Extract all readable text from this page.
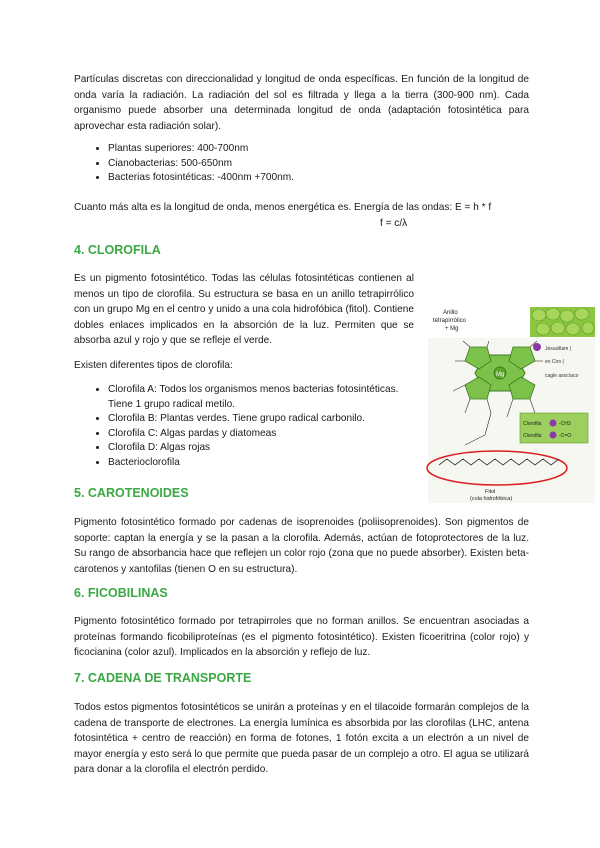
Partículas discretas con direccionalidad y longitud de onda específicas. En función de la longitud de onda varía la radiación. La radiación del sol es filtrada y llega a la tierra (300-900 nm). Cada organismo puede absorber una determinada longitud de onda (adaptación fotosintética para aprovechar esta radiación solar).

• Plantas superiores: 400-700nm
• Cianobacterias: 500-650nm
• Bacterias fotosintéticas: -400nm +700nm.

Cuanto más alta es la longitud de onda, menos energética es. Energía de las ondas: E = h * f

f = c/λ

4. CLOROFILA

Es un pigmento fotosintético. Todas las células fotosintéticas contienen al menos un tipo de clorofila. Su estructura se basa en un anillo tetrapirrólico con un grupo Mg en el centro y unido a una cola hidrofóbica (fitol). Contiene dobles enlaces implicados en la absorción de la luz. Permiten que se absorba azul y rojo y que se refleje el verde.

Existen diferentes tipos de clorofila:

• Clorofila A: Todos los organismos menos bacterias fotosintéticas. Tiene 1 grupo radical metilo.
• Clorofila B: Plantas verdes. Tiene grupo radical carbonilo.
• Clorofila C: Algas pardas y diatomeas
• Clorofila D: Algas rojas
• Bacterioclorofila
Anillo
tetrapirrólico
+ Mg
Mg
Jesusillam (
en Ciro (
cagle asocíaco
Clorofila	-CH3
Clorofila	-C=O
Fitol
(cola hidrofóbica)
5. CAROTENOIDES

Pigmento fotosintético formado por cadenas de isoprenoides (poliisoprenoides). Son pigmentos de soporte: captan la energía y se la pasan a la clorofila. Además, actúan de fotoprotectores de la luz. Su rango de absorbancia hace que reflejen un color rojo (zona que no puede absorber). Existen beta-carotenos y xantofilas (tienen O en su estructura).

6. FICOBILINAS

Pigmento fotosintético formado por tetrapirroles que no forman anillos. Se encuentran asociadas a proteínas formando ficobiliproteínas (es el pigmento fotosintético). Existen ficoeritrina (color rojo) y ficocianina (color azul). Implicados en la absorción y reflejo de luz.

7. CADENA DE TRANSPORTE

Todos estos pigmentos fotosintéticos se unirán a proteínas y en el tilacoide formarán complejos de la cadena de transporte de electrones. La energía lumínica es absorbida por las clorofilas (LHC, antena fotosintética + centro de reacción) en forma de fotones, 1 fotón excita a un electrón a un nivel de mayor energía y esto será lo que permite que pueda pasar de un complejo a otro. El agua se utilizará para donar a la clorofila el electrón perdido.
